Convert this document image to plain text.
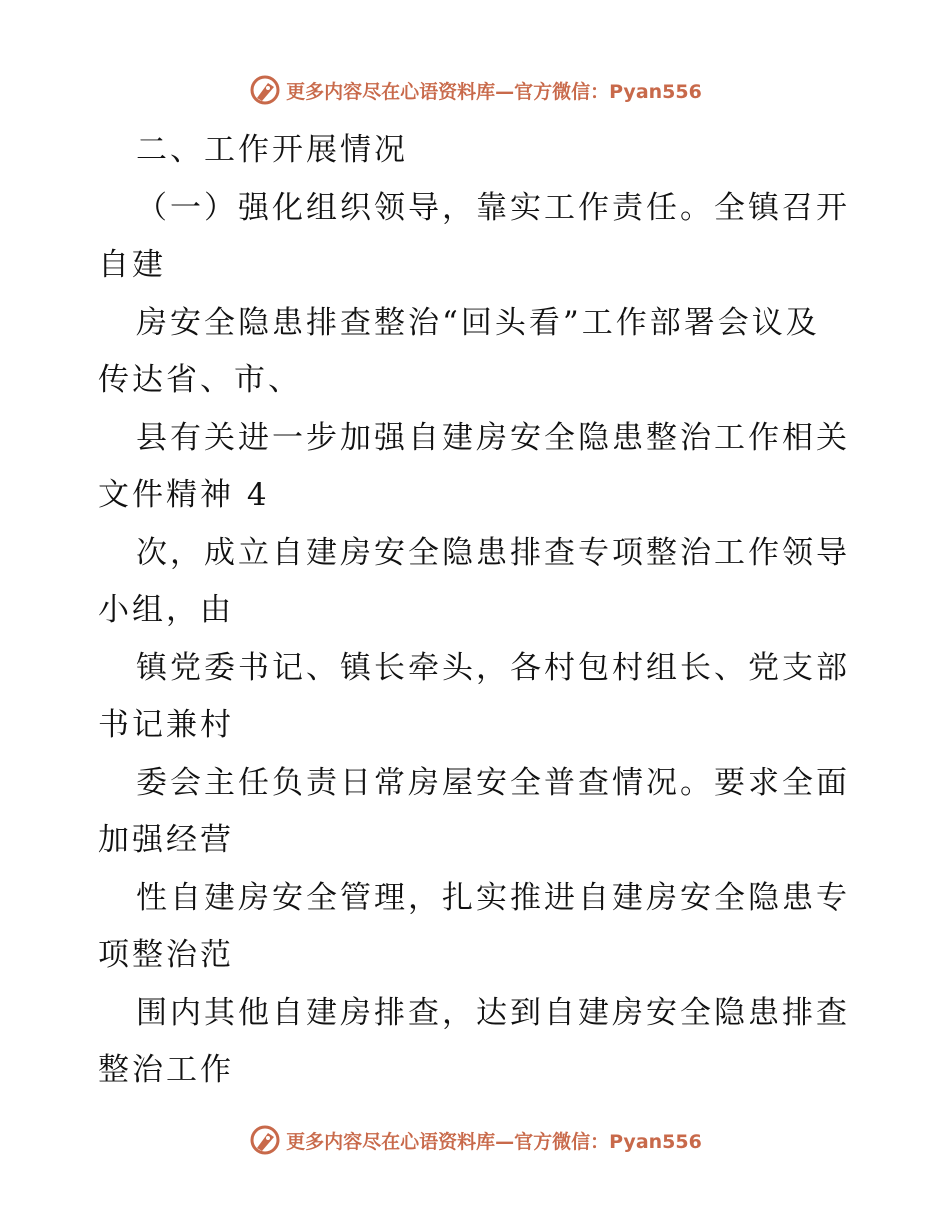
更多内容尽在心语资料库—官方微信：Pyan556
二、工作开展情况
（一）强化组织领导，靠实工作责任。全镇召开
自建
房安全隐患排查整治“回头看”工作部署会议及
传达省、市、
县有关进一步加强自建房安全隐患整治工作相关
文件精神 4
次，成立自建房安全隐患排查专项整治工作领导
小组，由
镇党委书记、镇长牵头，各村包村组长、党支部
书记兼村
委会主任负责日常房屋安全普查情况。要求全面
加强经营
性自建房安全管理，扎实推进自建房安全隐患专
项整治范
围内其他自建房排查，达到自建房安全隐患排查
整治工作
更多内容尽在心语资料库—官方微信：Pyan556
